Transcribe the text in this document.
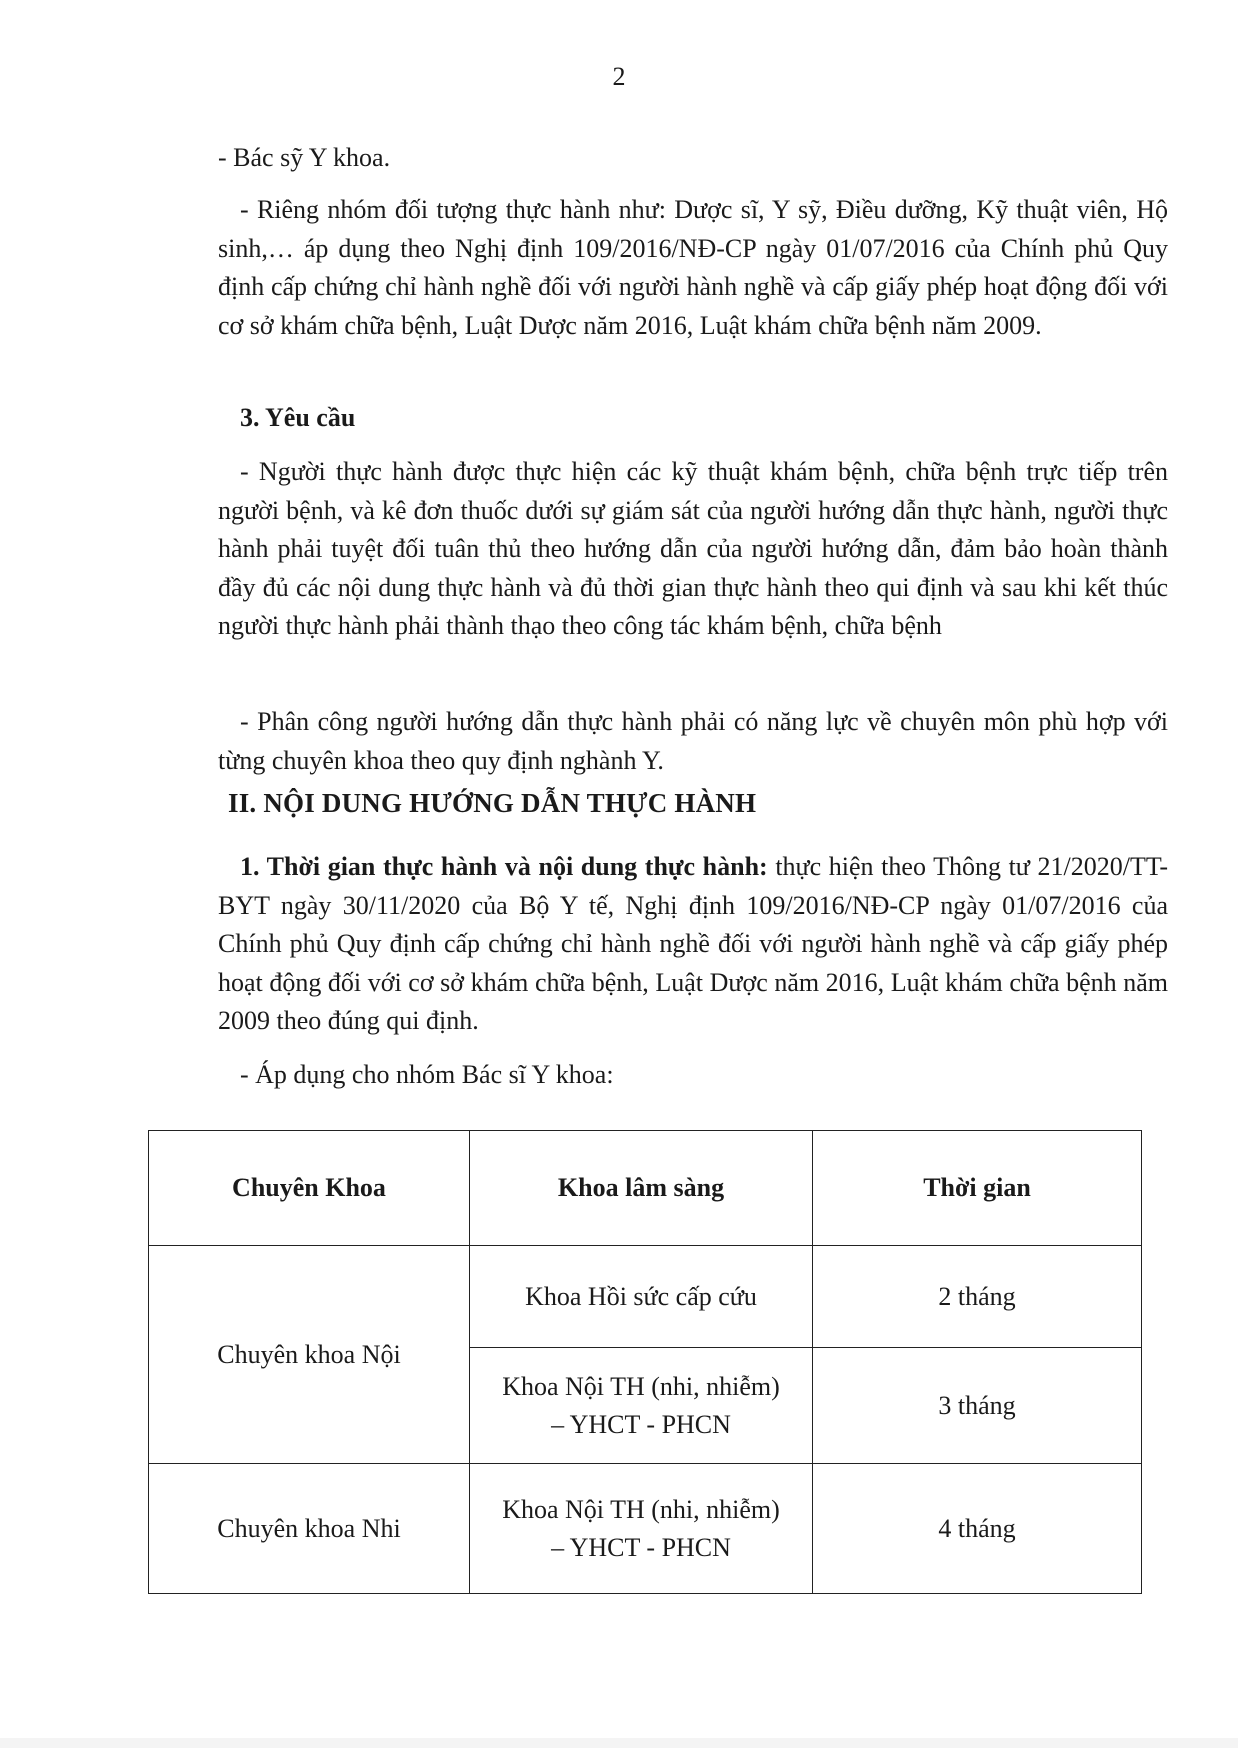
2
- Bác sỹ Y khoa.
- Riêng nhóm đối tượng thực hành như: Dược sĩ, Y sỹ, Điều dưỡng, Kỹ thuật viên, Hộ sinh,… áp dụng theo Nghị định 109/2016/NĐ-CP ngày 01/07/2016 của Chính phủ Quy định cấp chứng chỉ hành nghề đối với người hành nghề và cấp giấy phép hoạt động đối với cơ sở khám chữa bệnh, Luật Dược năm 2016, Luật khám chữa bệnh năm 2009.
3. Yêu cầu
- Người thực hành được thực hiện các kỹ thuật khám bệnh, chữa bệnh trực tiếp trên người bệnh, và kê đơn thuốc dưới sự giám sát của người hướng dẫn thực hành, người thực hành phải tuyệt đối tuân thủ theo hướng dẫn của người hướng dẫn, đảm bảo hoàn thành đầy đủ các nội dung thực hành và đủ thời gian thực hành theo qui định và sau khi kết thúc người thực hành phải thành thạo theo công tác khám bệnh, chữa bệnh
- Phân công người hướng dẫn thực hành phải có năng lực về chuyên môn phù hợp với từng chuyên khoa theo quy định nghành Y.
II. NỘI DUNG HƯỚNG DẪN THỰC HÀNH
1. Thời gian thực hành và nội dung thực hành: thực hiện theo Thông tư 21/2020/TT-BYT ngày 30/11/2020 của Bộ Y tế, Nghị định 109/2016/NĐ-CP ngày 01/07/2016 của Chính phủ Quy định cấp chứng chỉ hành nghề đối với người hành nghề và cấp giấy phép hoạt động đối với cơ sở khám chữa bệnh, Luật Dược năm 2016, Luật khám chữa bệnh năm 2009 theo đúng qui định.
- Áp dụng cho nhóm Bác sĩ Y khoa:
Chuyên Khoa	Khoa lâm sàng	Thời gian
Chuyên khoa Nội	Khoa Hồi sức cấp cứu	2 tháng

	Khoa Nội TH (nhi, nhiễm)
– YHCT - PHCN	3 tháng
Chuyên khoa Nhi	Khoa Nội TH (nhi, nhiễm)
– YHCT - PHCN	4 tháng
